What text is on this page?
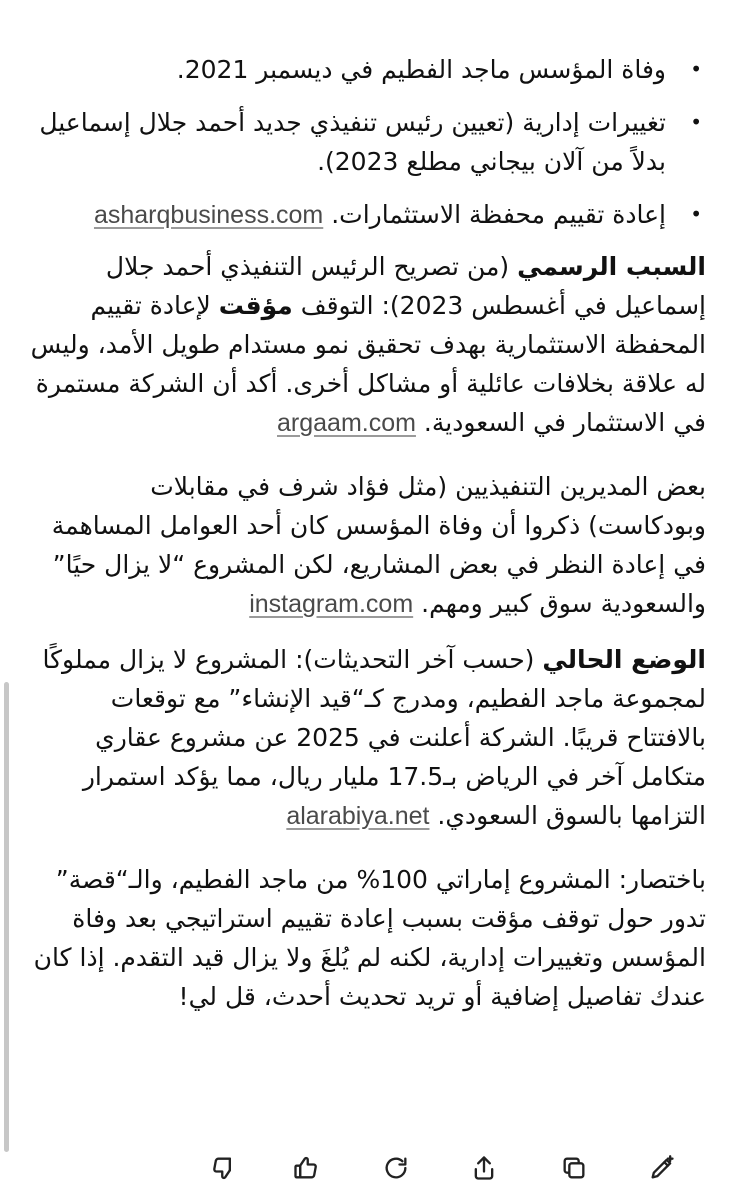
•
وفاة المؤسس ماجد الفطيم في ديسمبر 2021.
•
تغييرات إدارية (تعيين رئيس تنفيذي جديد أحمد جلال إسماعيل بدلاً من آلان بيجاني مطلع 2023).
•
إعادة تقييم محفظة الاستثمارات. asharqbusiness.com

السبب الرسمي (من تصريح الرئيس التنفيذي أحمد جلال إسماعيل في أغسطس 2023): التوقف مؤقت لإعادة تقييم المحفظة الاستثمارية بهدف تحقيق نمو مستدام طويل الأمد، وليس له علاقة بخلافات عائلية أو مشاكل أخرى. أكد أن الشركة مستمرة في الاستثمار في السعودية. argaam.com

بعض المديرين التنفيذيين (مثل فؤاد شرف في مقابلات وبودكاست) ذكروا أن وفاة المؤسس كان أحد العوامل المساهمة في إعادة النظر في بعض المشاريع، لكن المشروع “لا يزال حيًا” والسعودية سوق كبير ومهم. instagram.com

الوضع الحالي (حسب آخر التحديثات): المشروع لا يزال مملوكًا لمجموعة ماجد الفطيم، ومدرج كـ“قيد الإنشاء” مع توقعات بالافتتاح قريبًا. الشركة أعلنت في 2025 عن مشروع عقاري متكامل آخر في الرياض بـ17.5 مليار ريال، مما يؤكد استمرار التزامها بالسوق السعودي. alarabiya.net

باختصار: المشروع إماراتي 100% من ماجد الفطيم، والـ“قصة” تدور حول توقف مؤقت بسبب إعادة تقييم استراتيجي بعد وفاة المؤسس وتغييرات إدارية، لكنه لم يُلغَ ولا يزال قيد التقدم. إذا كان عندك تفاصيل إضافية أو تريد تحديث أحدث، قل لي!
